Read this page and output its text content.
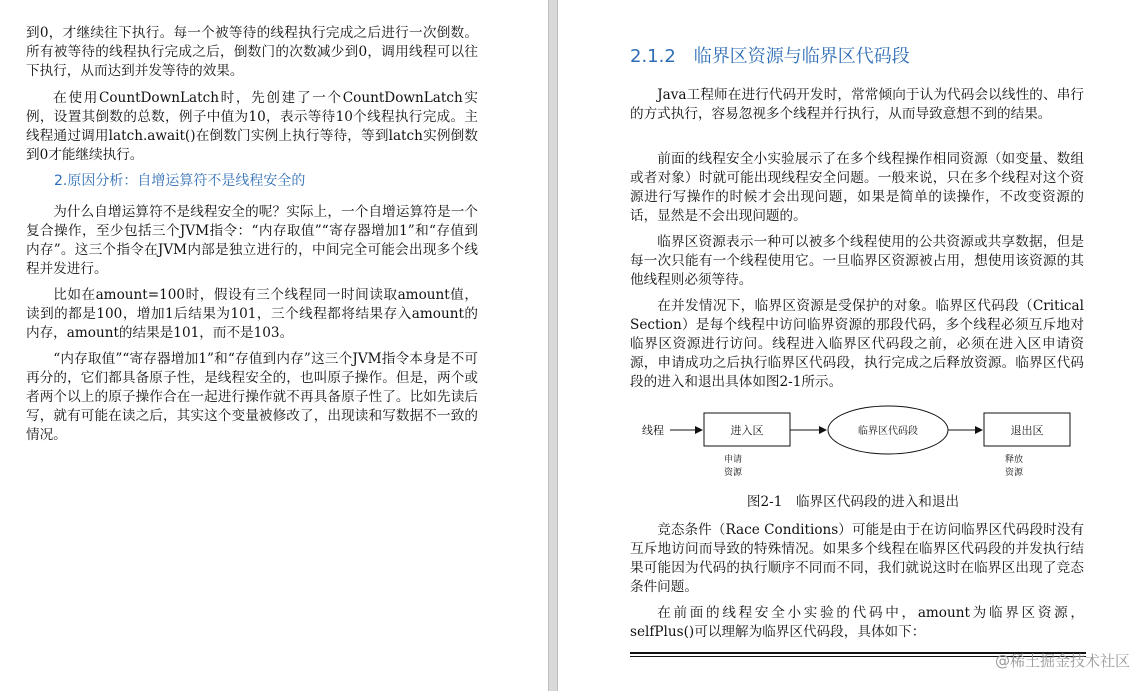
到0，才继续往下执行。每一个被等待的线程执行完成之后进行一次倒数。所有被等待的线程执行完成之后，倒数门的次数减少到0，调用线程可以往下执行，从而达到并发等待的效果。

在使用CountDownLatch时，先创建了一个CountDownLatch实例，设置其倒数的总数，例子中值为10，表示等待10个线程执行完成。主线程通过调用latch.await()在倒数门实例上执行等待，等到latch实例倒数到0才能继续执行。

2.原因分析：自增运算符不是线程安全的

为什么自增运算符不是线程安全的呢？实际上，一个自增运算符是一个复合操作，至少包括三个JVM指令：“内存取值”“寄存器增加1”和“存值到内存”。这三个指令在JVM内部是独立进行的，中间完全可能会出现多个线程并发进行。

比如在amount=100时，假设有三个线程同一时间读取amount值，读到的都是100，增加1后结果为101，三个线程都将结果存入amount的内存，amount的结果是101，而不是103。

“内存取值”“寄存器增加1”和“存值到内存”这三个JVM指令本身是不可再分的，它们都具备原子性，是线程安全的，也叫原子操作。但是，两个或者两个以上的原子操作合在一起进行操作就不再具备原子性了。比如先读后写，就有可能在读之后，其实这个变量被修改了，出现读和写数据不一致的情况。

2.1.2　临界区资源与临界区代码段

Java工程师在进行代码开发时，常常倾向于认为代码会以线性的、串行的方式执行，容易忽视多个线程并行执行，从而导致意想不到的结果。

前面的线程安全小实验展示了在多个线程操作相同资源（如变量、数组或者对象）时就可能出现线程安全问题。一般来说，只在多个线程对这个资源进行写操作的时候才会出现问题，如果是简单的读操作，不改变资源的话，显然是不会出现问题的。

临界区资源表示一种可以被多个线程使用的公共资源或共享数据，但是每一次只能有一个线程使用它。一旦临界区资源被占用，想使用该资源的其他线程则必须等待。

在并发情况下，临界区资源是受保护的对象。临界区代码段（Critical Section）是每个线程中访问临界资源的那段代码，多个线程必须互斥地对临界区资源进行访问。线程进入临界区代码段之前，必须在进入区申请资源，申请成功之后执行临界区代码段，执行完成之后释放资源。临界区代码段的进入和退出具体如图2-1所示。

线程	进入区	临界区代码段	退出区
申请
资源
释放
资源
图2-1　临界区代码段的进入和退出

竞态条件（Race Conditions）可能是由于在访问临界区代码段时没有互斥地访问而导致的特殊情况。如果多个线程在临界区代码段的并发执行结果可能因为代码的执行顺序不同而不同，我们就说这时在临界区出现了竞态条件问题。

在前面的线程安全小实验的代码中，amount为临界区资源，selfPlus()可以理解为临界区代码段，具体如下：

@稀土掘金技术社区
